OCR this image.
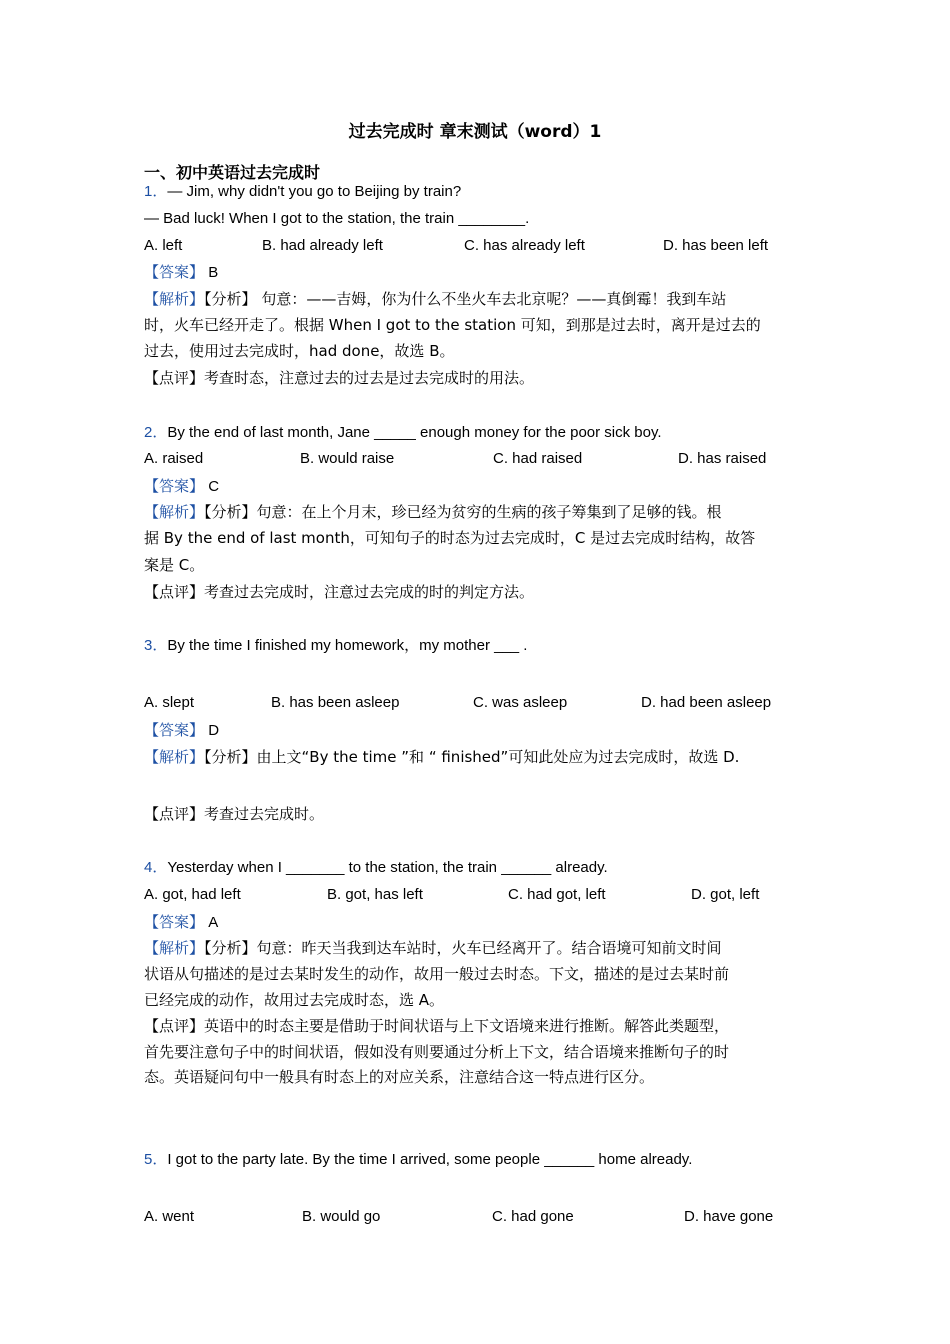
过去完成时 章末测试（word）1
一、初中英语过去完成时
1．— Jim, why didn't you go to Beijing by train?
— Bad luck! When I got to the station, the train ________.
A. left	B. had already left	C. has already left	D. has been left
【答案】 B
【解析】【分析】 句意：——吉姆，你为什么不坐火车去北京呢？——真倒霉！我到车站
时，火车已经开走了。根据 When I got to the station 可知，到那是过去时，离开是过去的
过去，使用过去完成时，had done，故选 B。
【点评】考查时态，注意过去的过去是过去完成时的用法。
2．By the end of last month, Jane _____ enough money for the poor sick boy.
A. raised	B. would raise	C. had raised	D. has raised
【答案】 C
【解析】【分析】句意：在上个月末，珍已经为贫穷的生病的孩子筹集到了足够的钱。根
据 By the end of last month，可知句子的时态为过去完成时，C 是过去完成时结构，故答
案是 C。
【点评】考查过去完成时，注意过去完成的时的判定方法。
3．By the time I finished my homework，my mother ___ .
A. slept	B. has been asleep	C. was asleep	D. had been asleep
【答案】 D
【解析】【分析】由上文“By the time ”和 “ finished”可知此处应为过去完成时，故选 D.
【点评】考查过去完成时。
4．Yesterday when I _______ to the station, the train ______ already.
A. got, had left	B. got, has left	C. had got, left	D. got, left
【答案】 A
【解析】【分析】句意：昨天当我到达车站时，火车已经离开了。结合语境可知前文时间
状语从句描述的是过去某时发生的动作，故用一般过去时态。下文，描述的是过去某时前
已经完成的动作，故用过去完成时态，选 A。
【点评】英语中的时态主要是借助于时间状语与上下文语境来进行推断。解答此类题型，
首先要注意句子中的时间状语，假如没有则要通过分析上下文，结合语境来推断句子的时
态。英语疑问句中一般具有时态上的对应关系，注意结合这一特点进行区分。
5．I got to the party late. By the time I arrived, some people ______ home already.
A. went	B. would go	C. had gone	D. have gone
